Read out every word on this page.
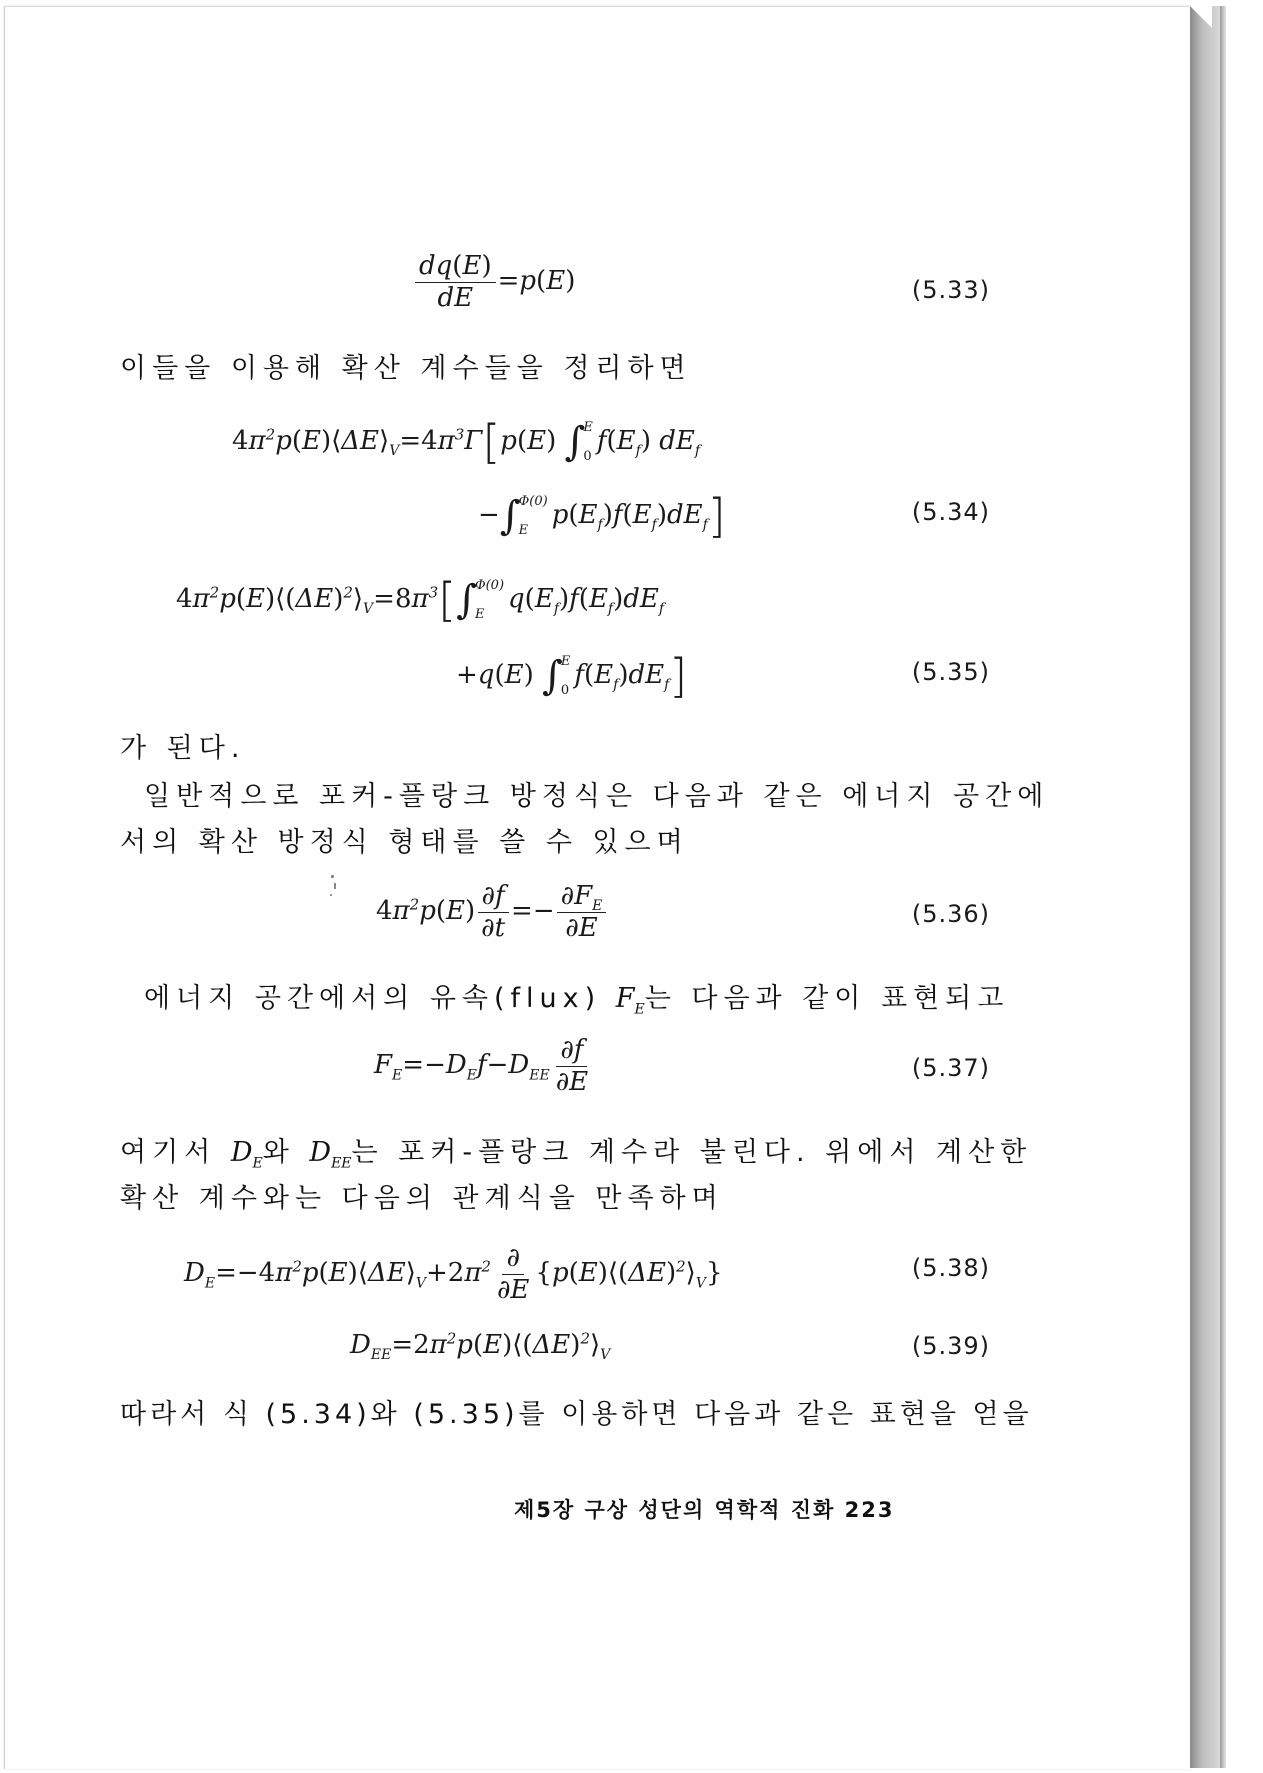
$\frac{dq(E)}{dE} =p(E)$	(5.33)
이들을 이용해 확산 계수들을 정리하면
$4\pi^2p(E)⟨\Delta E⟩_V=4\pi^3\Gamma[p(E)$ ∫
E
0
$f(E_f)$ $dE_f$
−∫
Φ(0)
$Ep(E_f)f(E_f)dE_f$]	(5.34)
$4\pi^2p(E)⟨(\Delta E)^2⟩_V=8\pi^3[\int$
Φ(0)
$Eq(E_f)f(E_f)dE_f$
+q(E) ∫
E
0
$f(E_f)dE_f$]	(5.35)
가 된다.
일반적으로 포커-플랑크 방정식은 다음과 같은 에너지 공간에
서의 확산 방정식 형태를 쓸 수 있으며
$4\pi^2p(E) \frac{\partial f}{\partial t} =- \frac{\partial F_E}{\partial E}$	(5.36)
에너지 공간에서의 유속(flux) $F_E$는 다음과 같이 표현되고
$F_E=-D_Ef-D_{EE} \frac{\partial f}{\partial E}$	(5.37)
여기서 $D_E$와 $D_{EE}$는 포커-플랑크 계수라 불린다. 위에서 계산한
확산 계수와는 다음의 관계식을 만족하며
$D_E=-4\pi^2p(E)⟨\Delta E⟩_V+2\pi^2 \frac{\partial}{\partial E}$ $\{p(E)⟨(\Delta E)^2⟩_V\}$	(5.38)
$D_{EE}=2\pi^2p(E)⟨(\Delta E)^2⟩_V$	(5.39)
따라서 식 (5.34)와 (5.35)를 이용하면 다음과 같은 표현을 얻을
제5장 구상 성단의 역학적 진화 223
